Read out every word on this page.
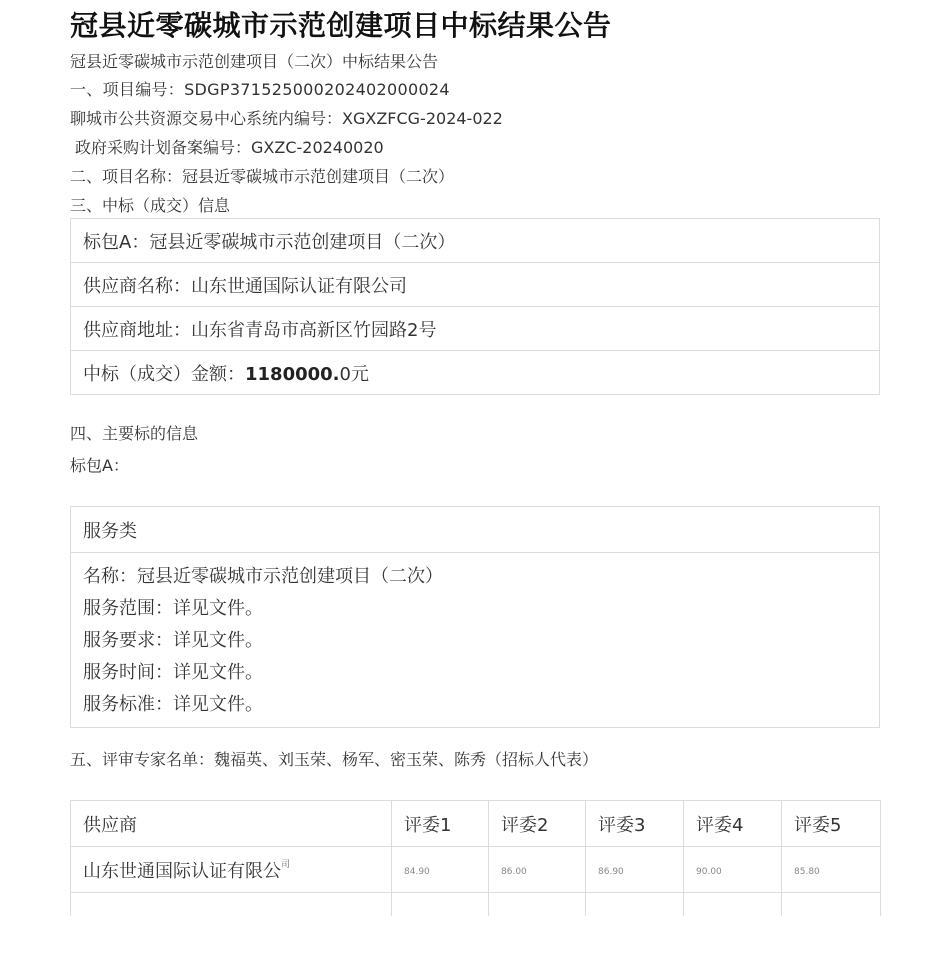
冠县近零碳城市示范创建项目中标结果公告
冠县近零碳城市示范创建项目（二次）中标结果公告
一、项目编号：SDGP371525000202402000024
聊城市公共资源交易中心系统内编号：XGXZFCG-2024-022
政府采购计划备案编号：GXZC-20240020
二、项目名称：冠县近零碳城市示范创建项目（二次）
三、中标（成交）信息
标包A：冠县近零碳城市示范创建项目（二次）
供应商名称：山东世通国际认证有限公司
供应商地址：山东省青岛市高新区竹园路2号
中标（成交）金额：1180000.0元
四、主要标的信息
标包A：
服务类

名称：冠县近零碳城市示范创建项目（二次）
服务范围：详见文件。
服务要求：详见文件。
服务时间：详见文件。
服务标准：详见文件。
五、评审专家名单：魏福英、刘玉荣、杨军、密玉荣、陈秀（招标人代表）
供应商	评委1	评委2	评委3	评委4	评委5
山东世通国际认证有限公$^司$	84.90	86.00	86.90	90.00	85.80
